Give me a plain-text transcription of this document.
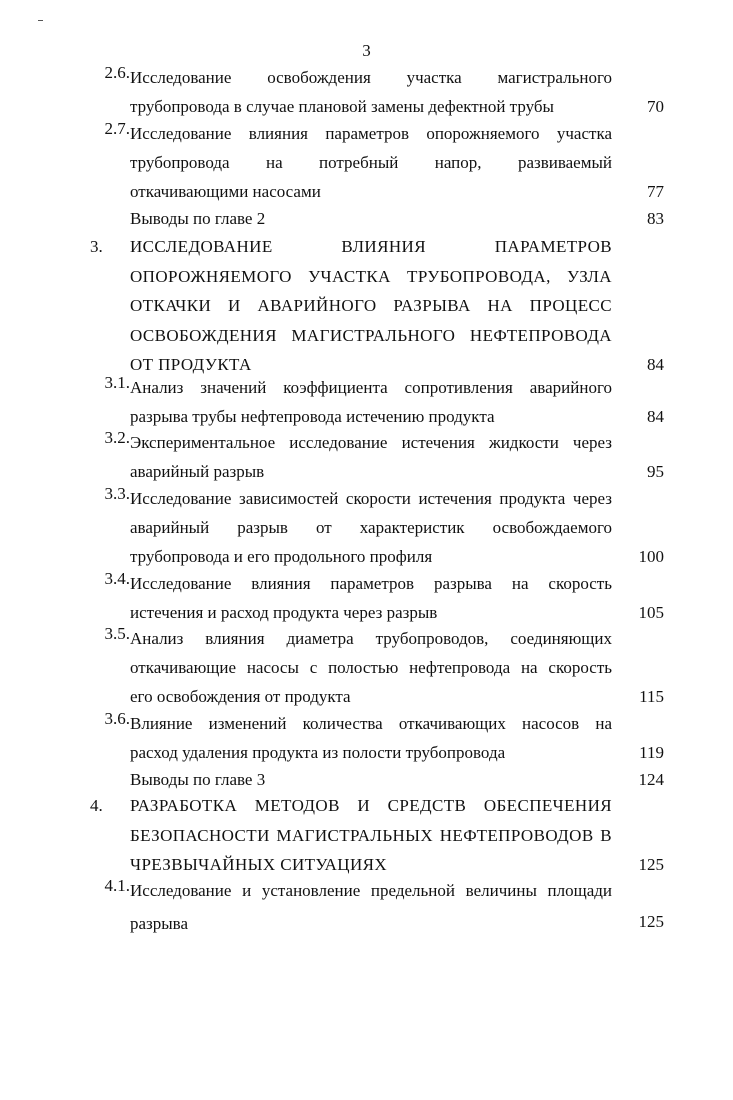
3
2.6. Исследование освобождения участка магистрального
трубопровода в случае плановой замены дефектной трубы	70
2.7. Исследование влияния параметров опорожняемого участка
трубопровода на потребный напор, развиваемый
откачивающими насосами	77
Выводы по главе 2	83
3.	ИССЛЕДОВАНИЕ ВЛИЯНИЯ ПАРАМЕТРОВ
ОПОРОЖНЯЕМОГО УЧАСТКА ТРУБОПРОВОДА, УЗЛА
ОТКАЧКИ И АВАРИЙНОГО РАЗРЫВА НА ПРОЦЕСС
ОСВОБОЖДЕНИЯ МАГИСТРАЛЬНОГО НЕФТЕПРОВОДА
ОТ ПРОДУКТА	84
3.1. Анализ значений коэффициента сопротивления аварийного
разрыва трубы нефтепровода истечению продукта	84
3.2. Экспериментальное исследование истечения жидкости через
аварийный разрыв	95
3.3. Исследование зависимостей скорости истечения продукта через
аварийный разрыв от характеристик освобождаемого
трубопровода и его продольного профиля	100
3.4. Исследование влияния параметров разрыва на скорость
истечения и расход продукта через разрыв	105
3.5. Анализ влияния диаметра трубопроводов, соединяющих
откачивающие насосы с полостью нефтепровода на скорость
его освобождения от продукта	115
3.6. Влияние изменений количества откачивающих насосов на
расход удаления продукта из полости трубопровода	119
Выводы по главе 3	124
4.	РАЗРАБОТКА МЕТОДОВ И СРЕДСТВ ОБЕСПЕЧЕНИЯ
БЕЗОПАСНОСТИ МАГИСТРАЛЬНЫХ НЕФТЕПРОВОДОВ В
ЧРЕЗВЫЧАЙНЫХ СИТУАЦИЯХ	125
4.1. Исследование и установление предельной величины площади
разрыва	125
